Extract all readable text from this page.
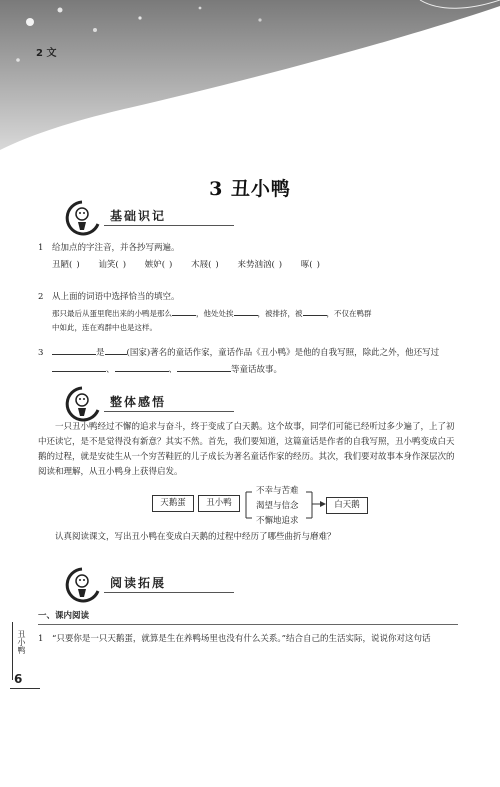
2 文
3 丑小鸭
基础识记
1 给加点的字注音，并各抄写两遍。
丑陋( ) 讪笑( ) 嫉妒( ) 木屐( ) 来势汹汹( ) 啄( )
2 从上面的词语中选择恰当的填空。
那只最后从蛋里爬出来的小鸭是那么	，他处处挨	，被排挤，被	，不仅在鸭群
中如此，连在鸡群中也是这样。
3	是	(国家)著名的童话作家，童话作品《丑小鸭》是他的自我写照，除此之外，他还写过
、	、	等童话故事。
整体感悟
一只丑小鸭经过不懈的追求与奋斗，终于变成了白天鹅。这个故事，同学们可能已经听过多少遍了，上了初中还读它，是不是觉得没有新意？其实不然。首先，我们要知道，这篇童话是作者的自我写照，丑小鸭变成白天鹅的过程，就是安徒生从一个穷苦鞋匠的儿子成长为著名童话作家的经历。其次，我们要对故事本身作深层次的阅读和理解，从丑小鸭身上获得启发。
天鹅蛋	丑小鸭
不幸与苦难
渴望与信念
不懈地追求
白天鹅
认真阅读课文，写出丑小鸭在变成白天鹅的过程中经历了哪些曲折与磨难？
阅读拓展
一、课内阅读
1 “只要你是一只天鹅蛋，就算是生在养鸭场里也没有什么关系。”结合自己的生活实际，说说你对这句话
丑小鸭
6
